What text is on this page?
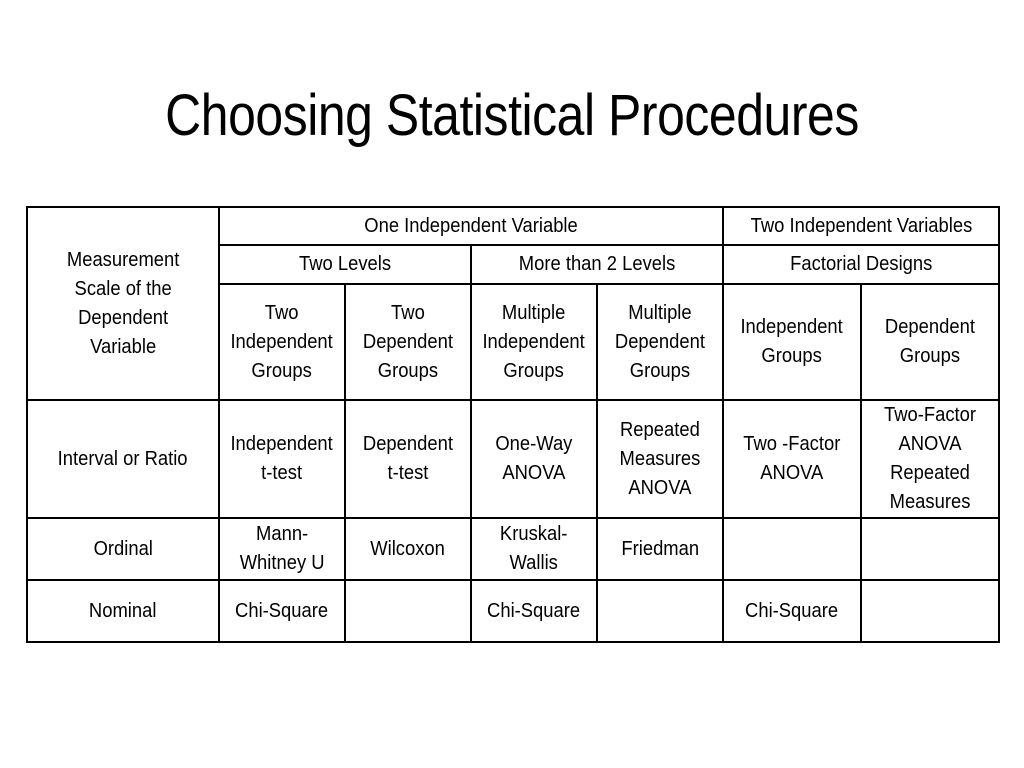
Choosing Statistical Procedures
Measurement
Scale of the
Dependent
Variable	One Independent Variable				Two Independent Variables	
	Two Levels		More than 2 Levels		Factorial Designs	
	Two
Independent
Groups	Two
Dependent
Groups	Multiple
Independent
Groups	Multiple
Dependent
Groups	Independent
Groups	Dependent
Groups
Interval or Ratio	Independent
t-test	Dependent
t-test	One-Way
ANOVA	Repeated
Measures
ANOVA	Two -Factor
ANOVA	Two-Factor
ANOVA
Repeated
Measures
Ordinal	Mann-
Whitney U	Wilcoxon	Kruskal-
Wallis	Friedman		
Nominal	Chi-Square		Chi-Square		Chi-Square	
